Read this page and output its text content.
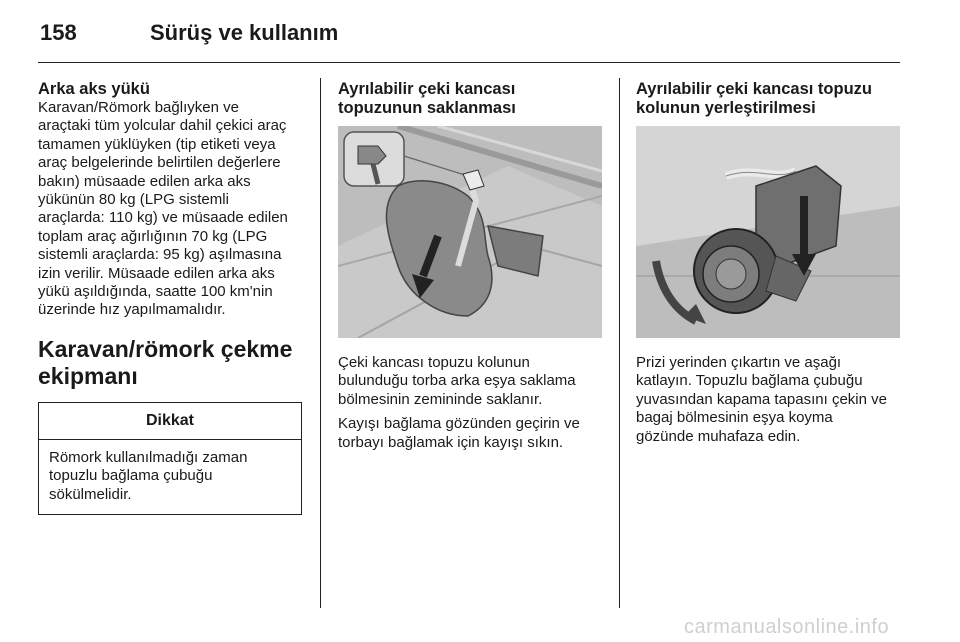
158	Sürüş ve kullanım
Arka aks yükü

Karavan/Römork bağlıyken ve
araçtaki tüm yolcular dahil çekici araç
tamamen yüklüyken (tip etiketi veya
araç belgelerinde belirtilen değerlere
bakın) müsaade edilen arka aks
yükünün 80 kg (LPG sistemli
araçlarda: 110 kg) ve müsaade edilen
toplam araç ağırlığının 70 kg (LPG
sistemli araçlarda: 95 kg) aşılmasına
izin verilir. Müsaade edilen arka aks
yükü aşıldığında, saatte 100 km'nin
üzerinde hız yapılmamalıdır.

Karavan/römork çekme
ekipmanı
Dikkat
Römork kullanılmadığı zaman
topuzlu bağlama çubuğu
sökülmelidir.
Ayrılabilir çeki kancası
topuzunun saklanması

Çeki kancası topuzu kolunun
bulunduğu torba arka eşya saklama
bölmesinin zemininde saklanır.

Kayışı bağlama gözünden geçirin ve
torbayı bağlamak için kayışı sıkın.

Ayrılabilir çeki kancası topuzu
kolunun yerleştirilmesi

Prizi yerinden çıkartın ve aşağı
katlayın. Topuzlu bağlama çubuğu
yuvasından kapama tapasını çekin ve
bagaj bölmesinin eşya koyma
gözünde muhafaza edin.

carmanualsonline.info
